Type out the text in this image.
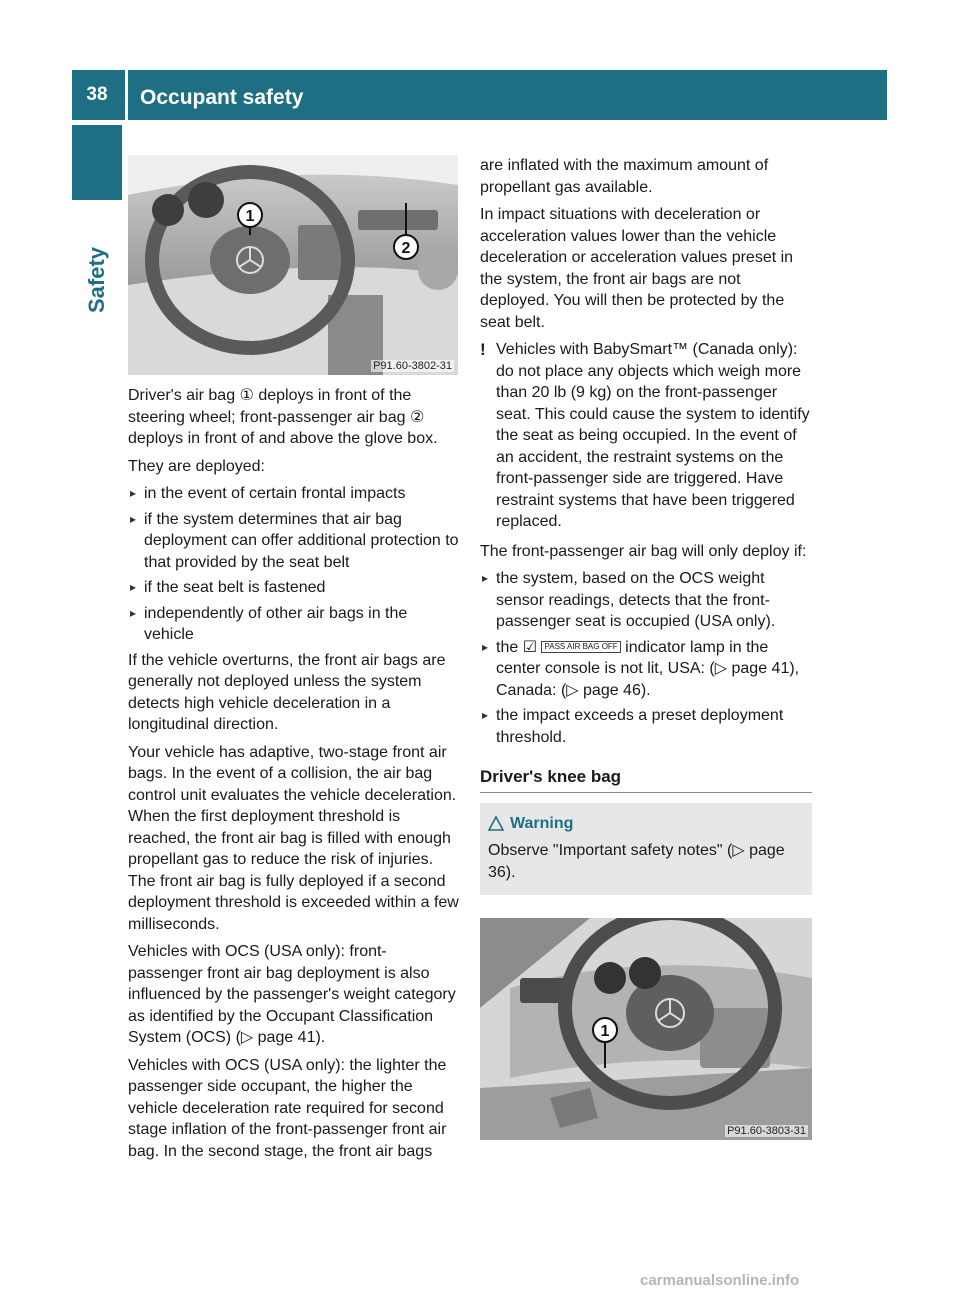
38	Occupant safety
Safety
1
2
P91.60-3802-31

Driver's air bag ① deploys in front of the steering wheel; front-passenger air bag ② deploys in front of and above the glove box.

They are deployed:

▸ in the event of certain frontal impacts
▸ if the system determines that air bag deployment can offer additional protection to that provided by the seat belt
▸ if the seat belt is fastened
▸ independently of other air bags in the vehicle

If the vehicle overturns, the front air bags are generally not deployed unless the system detects high vehicle deceleration in a longitudinal direction.

Your vehicle has adaptive, two-stage front air bags. In the event of a collision, the air bag control unit evaluates the vehicle deceleration. When the first deployment threshold is reached, the front air bag is filled with enough propellant gas to reduce the risk of injuries. The front air bag is fully deployed if a second deployment threshold is exceeded within a few milliseconds.

Vehicles with OCS (USA only): front-passenger front air bag deployment is also influenced by the passenger's weight category as identified by the Occupant Classification System (OCS) (▷ page 41).

Vehicles with OCS (USA only): the lighter the passenger side occupant, the higher the vehicle deceleration rate required for second stage inflation of the front-passenger front air bag. In the second stage, the front air bags

are inflated with the maximum amount of propellant gas available.

In impact situations with deceleration or acceleration values lower than the vehicle deceleration or acceleration values preset in the system, the front air bags are not deployed. You will then be protected by the seat belt.

! Vehicles with BabySmart™ (Canada only): do not place any objects which weigh more than 20 lb (9 kg) on the front-passenger seat. This could cause the system to identify the seat as being occupied. In the event of an accident, the restraint systems on the front-passenger side are triggered. Have restraint systems that have been triggered replaced.

The front-passenger air bag will only deploy if:

▸ the system, based on the OCS weight sensor readings, detects that the front-passenger seat is occupied (USA only).
▸ the ☑ PASS AIR BAG OFF indicator lamp in the center console is not lit, USA: (▷ page 41), Canada: (▷ page 46).
▸ the impact exceeds a preset deployment threshold.
Driver's knee bag
Warning
Observe "Important safety notes" (▷ page 36).
1
P91.60-3803-31
carmanualsonline.info
